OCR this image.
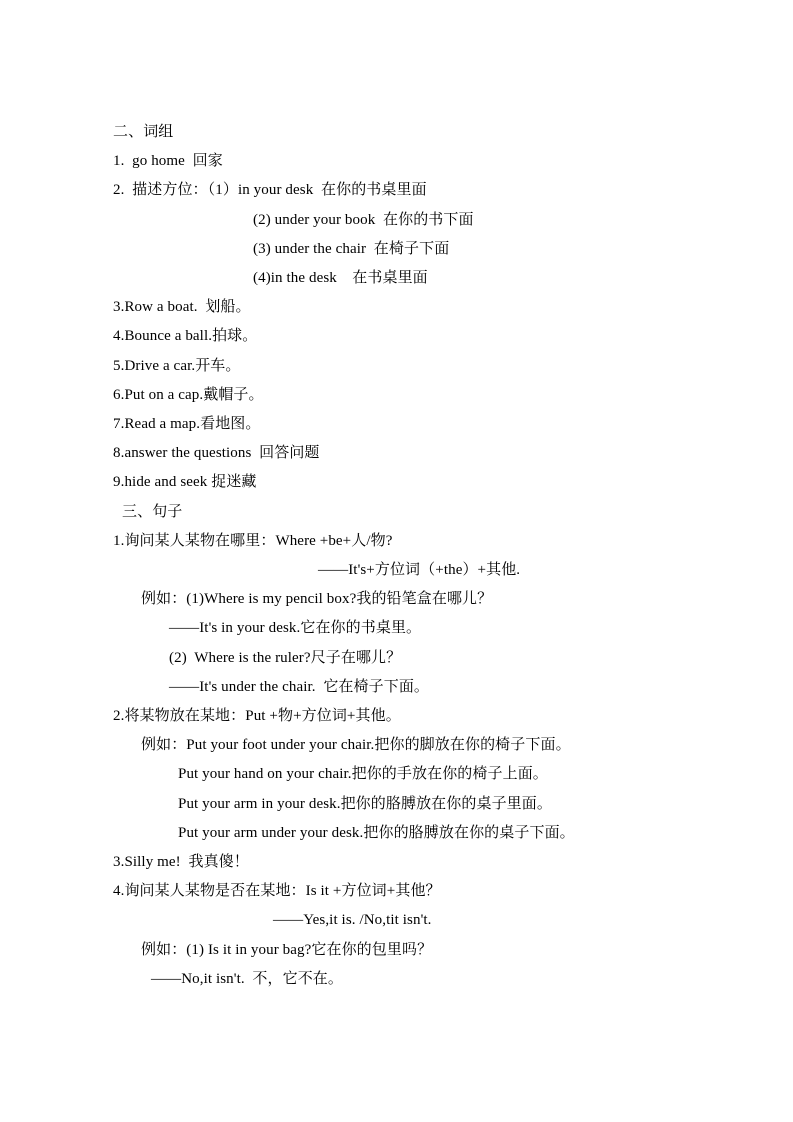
二、词组
1.  go home  回家
2.  描述方位：（1）in your desk  在你的书桌里面
(2) under your book  在你的书下面
(3) under the chair  在椅子下面
(4)in the desk    在书桌里面
3.Row a boat.  划船。
4.Bounce a ball.拍球。
5.Drive a car.开车。
6.Put on a cap.戴帽子。
7.Read a map.看地图。
8.answer the questions  回答问题
9.hide and seek 捉迷藏
三、句子
1.询问某人某物在哪里：Where +be+人/物?
——It's+方位词（+the）+其他.
例如：(1)Where is my pencil box?我的铅笔盒在哪儿？
——It's in your desk.它在你的书桌里。
(2)  Where is the ruler?尺子在哪儿？
——It's under the chair.  它在椅子下面。
2.将某物放在某地：Put +物+方位词+其他。
例如：Put your foot under your chair.把你的脚放在你的椅子下面。
Put your hand on your chair.把你的手放在你的椅子上面。
Put your arm in your desk.把你的胳膊放在你的桌子里面。
Put your arm under your desk.把你的胳膊放在你的桌子下面。
3.Silly me!  我真傻！
4.询问某人某物是否在某地：Is it +方位词+其他？
——Yes,it is. /No,tit isn't.
例如：(1) Is it in your bag?它在你的包里吗？
——No,it isn't.  不，它不在。
